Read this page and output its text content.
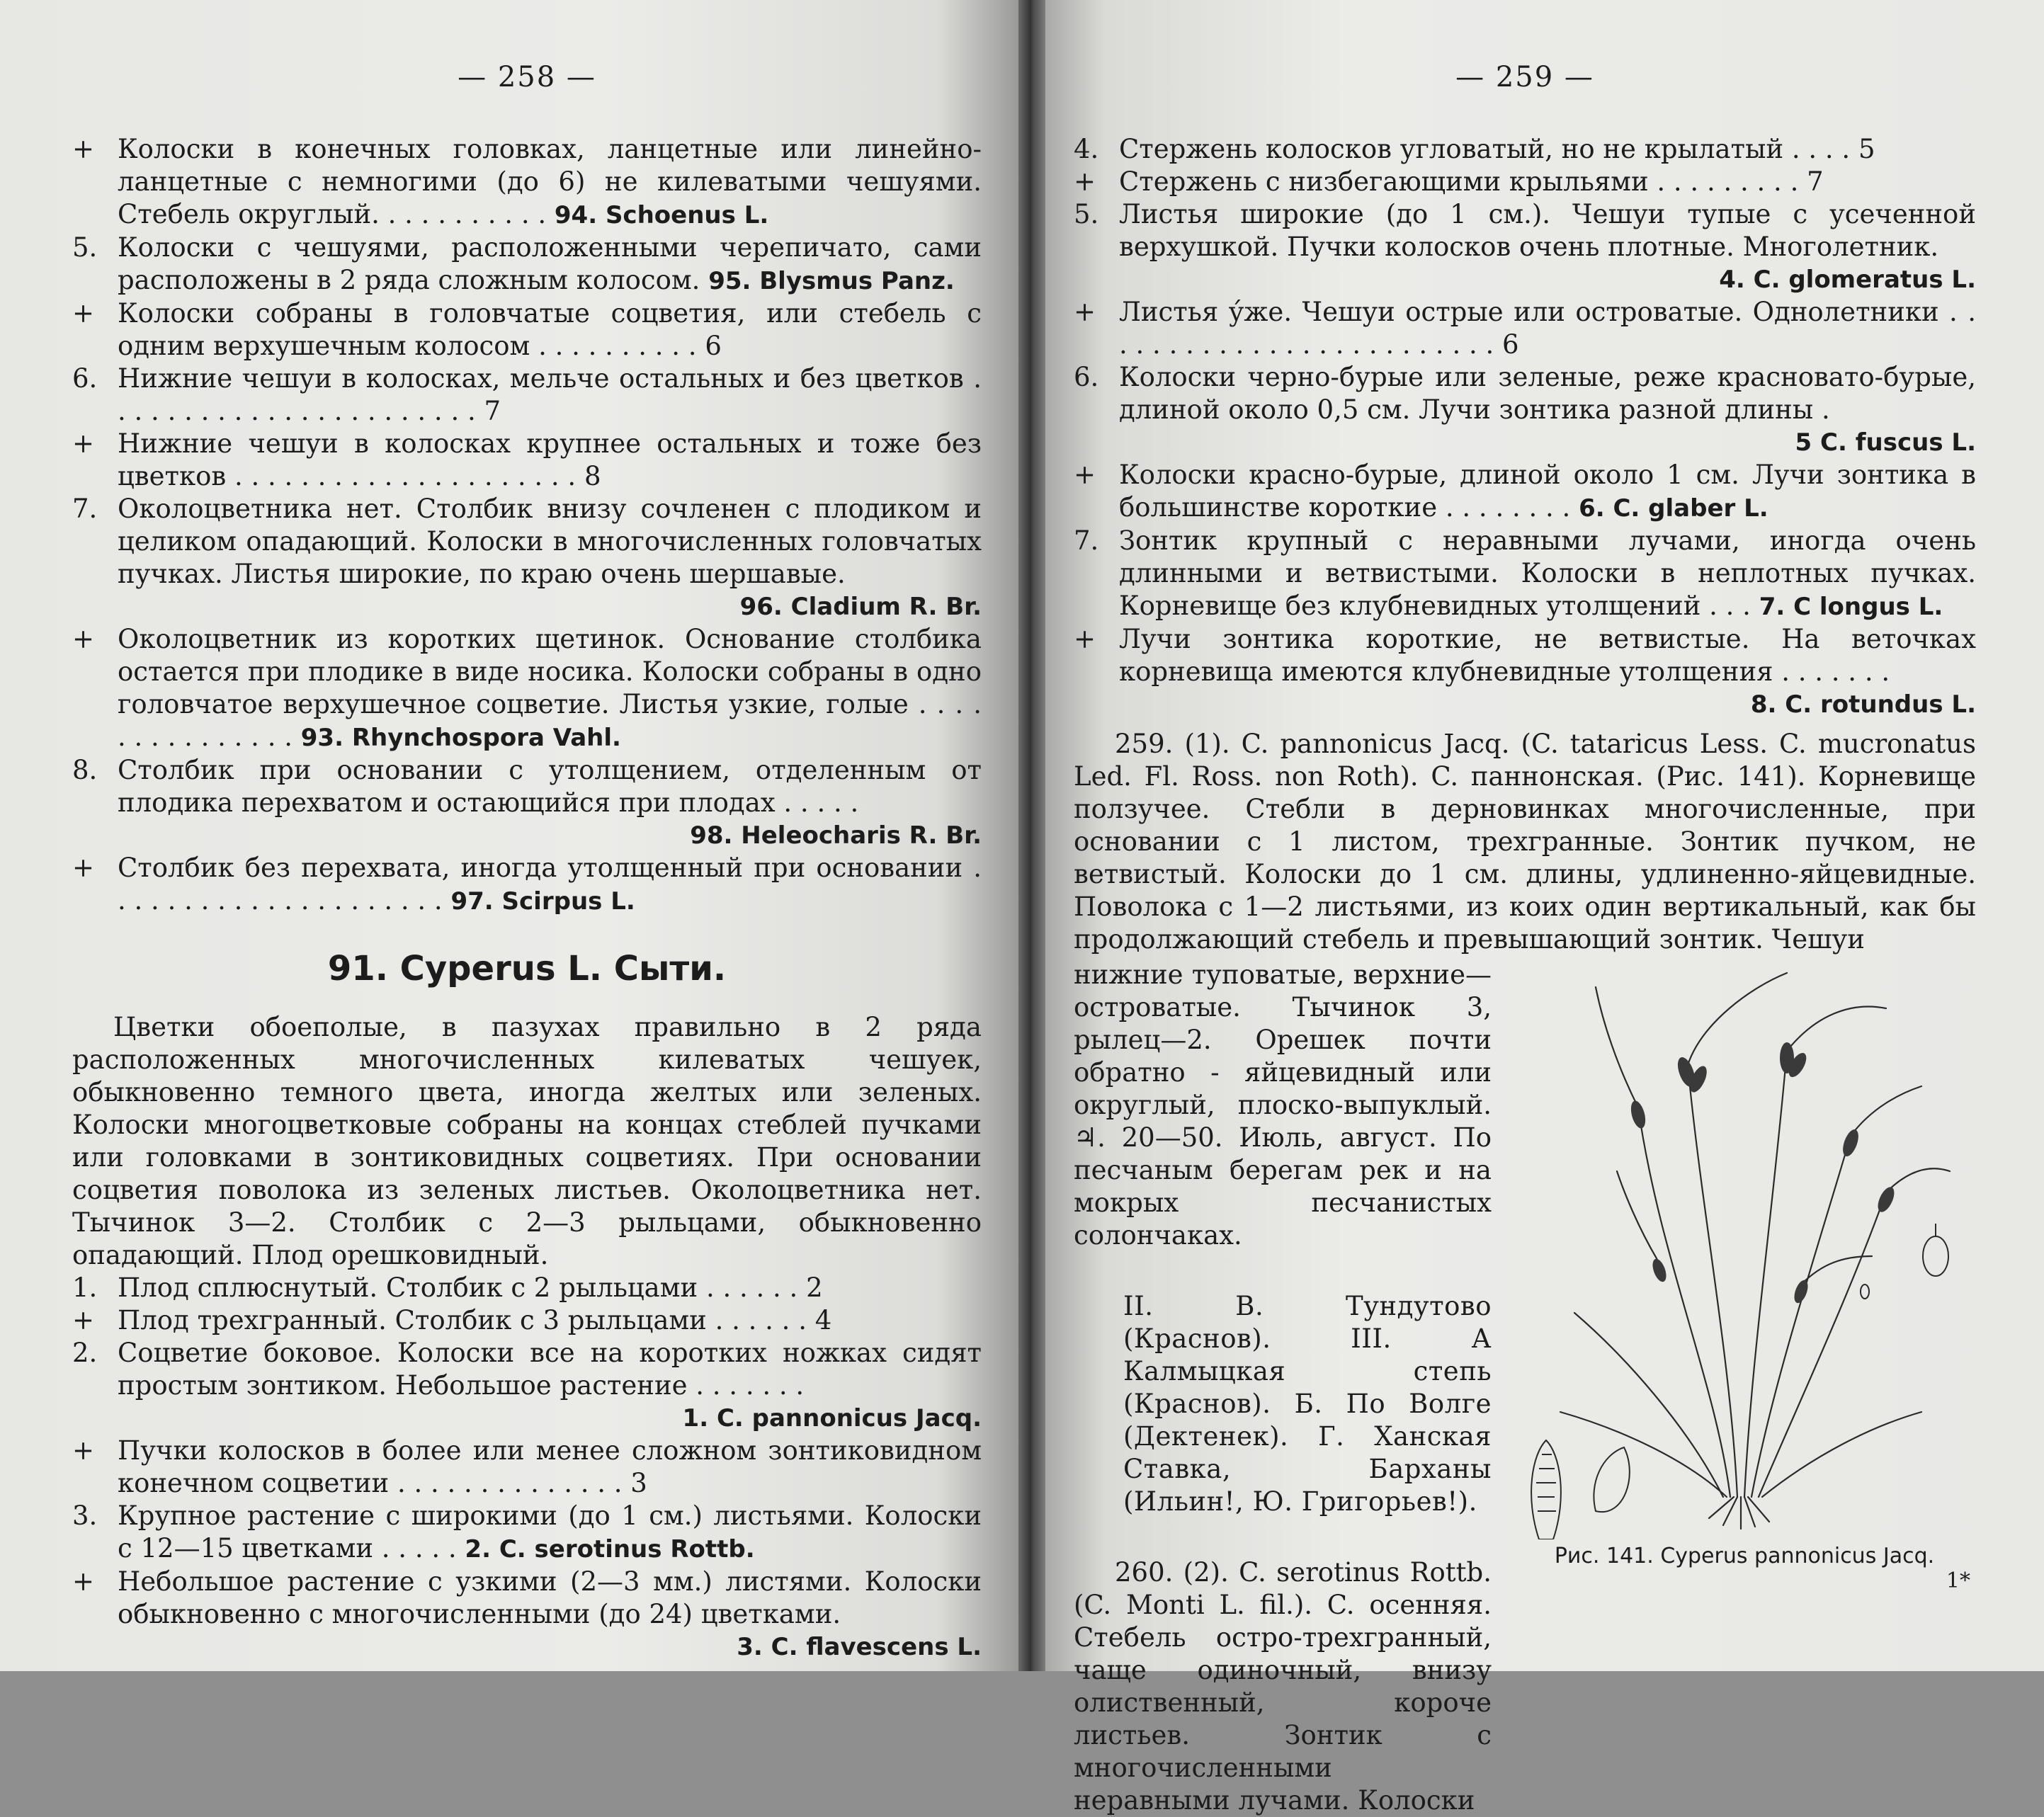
— 258 —
+ Колоски в конечных головках, ланцетные или линейно-ланцетные с немногими (до 6) не килеватыми чешуями. Стебель округлый. . . . . . . . . . . 94. Schoenus L.
5. Колоски с чешуями, расположенными черепичато, сами расположены в 2 ряда сложным колосом. 95. Blysmus Panz.
+ Колоски собраны в головчатые соцветия, или стебель с одним верхушечным колосом . . . . . . . . . . 6
6. Нижние чешуи в колосках, мельче остальных и без цветков . . . . . . . . . . . . . . . . . . . . . . . 7
+ Нижние чешуи в колосках крупнее остальных и тоже без цветков . . . . . . . . . . . . . . . . . . . . . 8
7. Околоцветника нет. Столбик внизу сочленен с плодиком и целиком опадающий. Колоски в многочисленных головчатых пучках. Листья широкие, по краю очень шершавые.
96. Cladium R. Br.
+ Околоцветник из коротких щетинок. Основание столбика остается при плодике в виде носика. Колоски собраны в одно головчатое верхушечное соцветие. Листья узкие, голые . . . . . . . . . . . . . . . 93. Rhynchospora Vahl.
8. Столбик при основании с утолщением, отделенным от плодика перехватом и остающийся при плодах . . . . .
98. Heleocharis R. Br.
+ Столбик без перехвата, иногда утолщенный при основании . . . . . . . . . . . . . . . . . . . . . 97. Scirpus L.
91. Cyperus L. Сыти.

Цветки обоеполые, в пазухах правильно в 2 ряда расположенных многочисленных килеватых чешуек, обыкновенно темного цвета, иногда желтых или зеленых. Колоски многоцветковые собраны на концах стеблей пучками или головками в зонтиковидных соцветиях. При основании соцветия поволока из зеленых листьев. Околоцветника нет. Тычинок 3—2. Столбик с 2—3 рыльцами, обыкновенно опадающий. Плод орешковидный.

1. Плод сплюснутый. Столбик с 2 рыльцами . . . . . . 2
+ Плод трехгранный. Столбик с 3 рыльцами . . . . . . 4
2. Соцветие боковое. Колоски все на коротких ножках сидят простым зонтиком. Небольшое растение . . . . . . .
1. C. pannonicus Jacq.
+ Пучки колосков в более или менее сложном зонтиковидном конечном соцветии . . . . . . . . . . . . . . 3
3. Крупное растение с широкими (до 1 см.) листьями. Колоски с 12—15 цветками . . . . . 2. C. serotinus Rottb.
+ Небольшое растение с узкими (2—3 мм.) листями. Колоски обыкновенно с многочисленными (до 24) цветками.
3. C. flavescens L.
— 259 —
4. Стержень колосков угловатый, но не крылатый . . . . 5
+ Стержень с низбегающими крыльями . . . . . . . . . 7
5. Листья широкие (до 1 см.). Чешуи тупые с усеченной верхушкой. Пучки колосков очень плотные. Многолетник.
4. C. glomeratus L.
+ Листья у́же. Чешуи острые или островатые. Однолетники . . . . . . . . . . . . . . . . . . . . . . . . . 6
6. Колоски черно-бурые или зеленые, реже красновато-бурые, длиной около 0,5 см. Лучи зонтика разной длины .
5 C. fuscus L.
+ Колоски красно-бурые, длиной около 1 см. Лучи зонтика в большинстве короткие . . . . . . . . 6. C. glaber L.
7. Зонтик крупный с неравными лучами, иногда очень длинными и ветвистыми. Колоски в неплотных пучках. Корневище без клубневидных утолщений . . . 7. C longus L.
+ Лучи зонтика короткие, не ветвистые. На веточках корневища имеются клубневидные утолщения . . . . . . .
8. C. rotundus L.

259. (1). C. pannonicus Jacq. (C. tataricus Less. C. mucronatus Led. Fl. Ross. non Roth). C. паннонская. (Рис. 141). Корневище ползучее. Стебли в дерновинках многочисленные, при основании с 1 листом, трехгранные. Зонтик пучком, не ветвистый. Колоски до 1 см. длины, удлиненно-яйцевидные. Поволока с 1—2 листьями, из коих один вертикальный, как бы продолжающий стебель и превышающий зонтик. Чешуи

нижние туповатые, верхние—островатые. Тычинок 3, рылец—2. Орешек почти обратно - яйцевидный или округлый, плоско-выпуклый. ♃. 20—50. Июль, август. По песчаным берегам рек и на мокрых песчанистых солончаках.

II. В. Тундутово (Краснов). III. А Калмыцкая степь (Краснов). Б. По Волге (Дектенек). Г. Ханская Ставка, Барханы (Ильин!, Ю. Григорьев!).

260. (2). C. serotinus Rottb. (C. Monti L. fil.). C. осенняя. Стебель остро-трехгранный, чаще одиночный, внизу олиственный, короче листьев. Зонтик с многочисленными неравными лучами. Колоски

Рис. 141. Cyperus pannonicus Jacq.
1*
